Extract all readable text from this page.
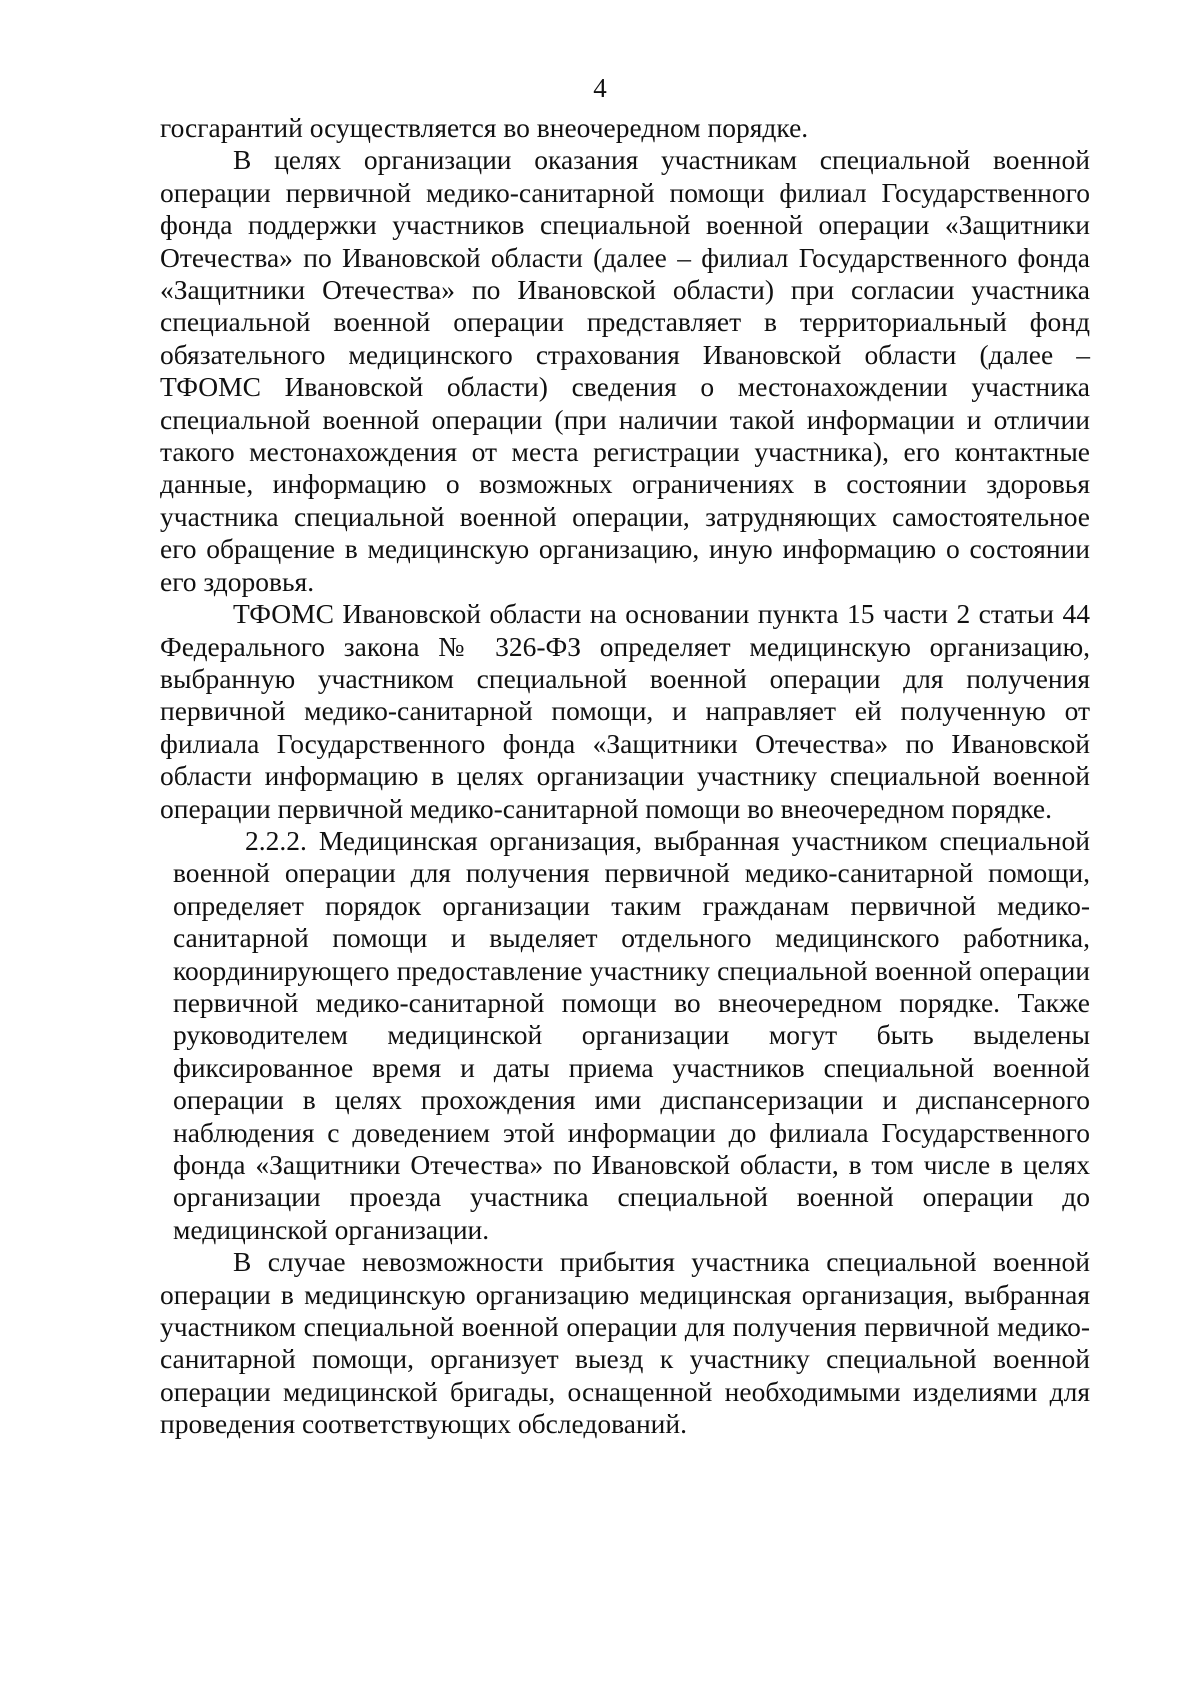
4

госгарантий осуществляется во внеочередном порядке.

В целях организации оказания участникам специальной военной операции первичной медико-санитарной помощи филиал Государственного фонда поддержки участников специальной военной операции «Защитники Отечества» по Ивановской области (далее – филиал Государственного фонда «Защитники Отечества» по Ивановской области) при согласии участника специальной военной операции представляет в территориальный фонд обязательного медицинского страхования Ивановской области (далее – ТФОМС Ивановской области) сведения о местонахождении участника специальной военной операции (при наличии такой информации и отличии такого местонахождения от места регистрации участника), его контактные данные, информацию о возможных ограничениях в состоянии здоровья участника специальной военной операции, затрудняющих самостоятельное его обращение в медицинскую организацию, иную информацию о состоянии его здоровья.

ТФОМС Ивановской области на основании пункта 15 части 2 статьи 44 Федерального закона № 326-ФЗ определяет медицинскую организацию, выбранную участником специальной военной операции для получения первичной медико-санитарной помощи, и направляет ей полученную от филиала Государственного фонда «Защитники Отечества» по Ивановской области информацию в целях организации участнику специальной военной операции первичной медико-санитарной помощи во внеочередном порядке.

2.2.2. Медицинская организация, выбранная участником специальной военной операции для получения первичной медико-санитарной помощи, определяет порядок организации таким гражданам первичной медико-санитарной помощи и выделяет отдельного медицинского работника, координирующего предоставление участнику специальной военной операции первичной медико-санитарной помощи во внеочередном порядке. Также руководителем медицинской организации могут быть выделены фиксированное время и даты приема участников специальной военной операции в целях прохождения ими диспансеризации и диспансерного наблюдения с доведением этой информации до филиала Государственного фонда «Защитники Отечества» по Ивановской области, в том числе в целях организации проезда участника специальной военной операции до медицинской организации.

В случае невозможности прибытия участника специальной военной операции в медицинскую организацию медицинская организация, выбранная участником специальной военной операции для получения первичной медико-санитарной помощи, организует выезд к участнику специальной военной операции медицинской бригады, оснащенной необходимыми изделиями для проведения соответствующих обследований.
